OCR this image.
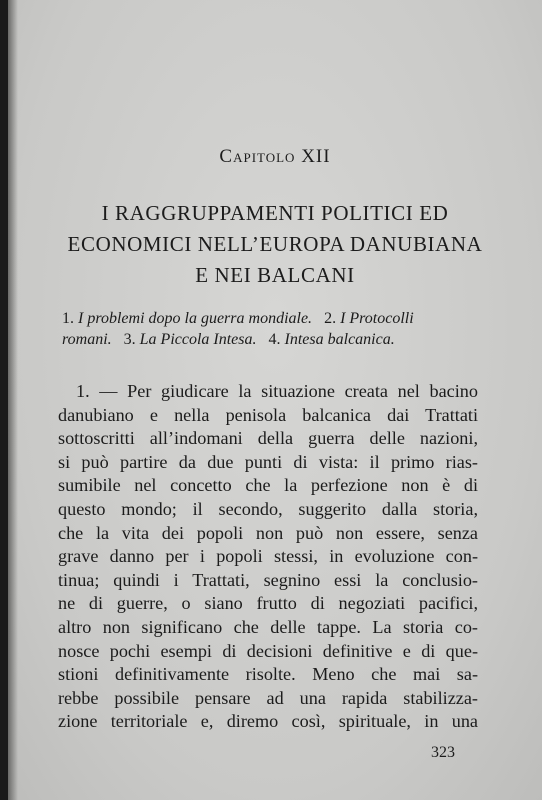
Capitolo XII
I RAGGRUPPAMENTI POLITICI ED
ECONOMICI NELL’EUROPA DANUBIANA
E NEI BALCANI
1. I problemi dopo la guerra mondiale. 2. I Protocolli
romani. 3. La Piccola Intesa. 4. Intesa balcanica.
1. — Per giudicare la situazione creata nel bacino
danubiano e nella penisola balcanica dai Trattati
sottoscritti all’indomani della guerra delle nazioni,
si può partire da due punti di vista: il primo rias-
sumibile nel concetto che la perfezione non è di
questo mondo; il secondo, suggerito dalla storia,
che la vita dei popoli non può non essere, senza
grave danno per i popoli stessi, in evoluzione con-
tinua; quindi i Trattati, segnino essi la conclusio-
ne di guerre, o siano frutto di negoziati pacifici,
altro non significano che delle tappe. La storia co-
nosce pochi esempi di decisioni definitive e di que-
stioni definitivamente risolte. Meno che mai sa-
rebbe possibile pensare ad una rapida stabilizza-
zione territoriale e, diremo così, spirituale, in una
323
